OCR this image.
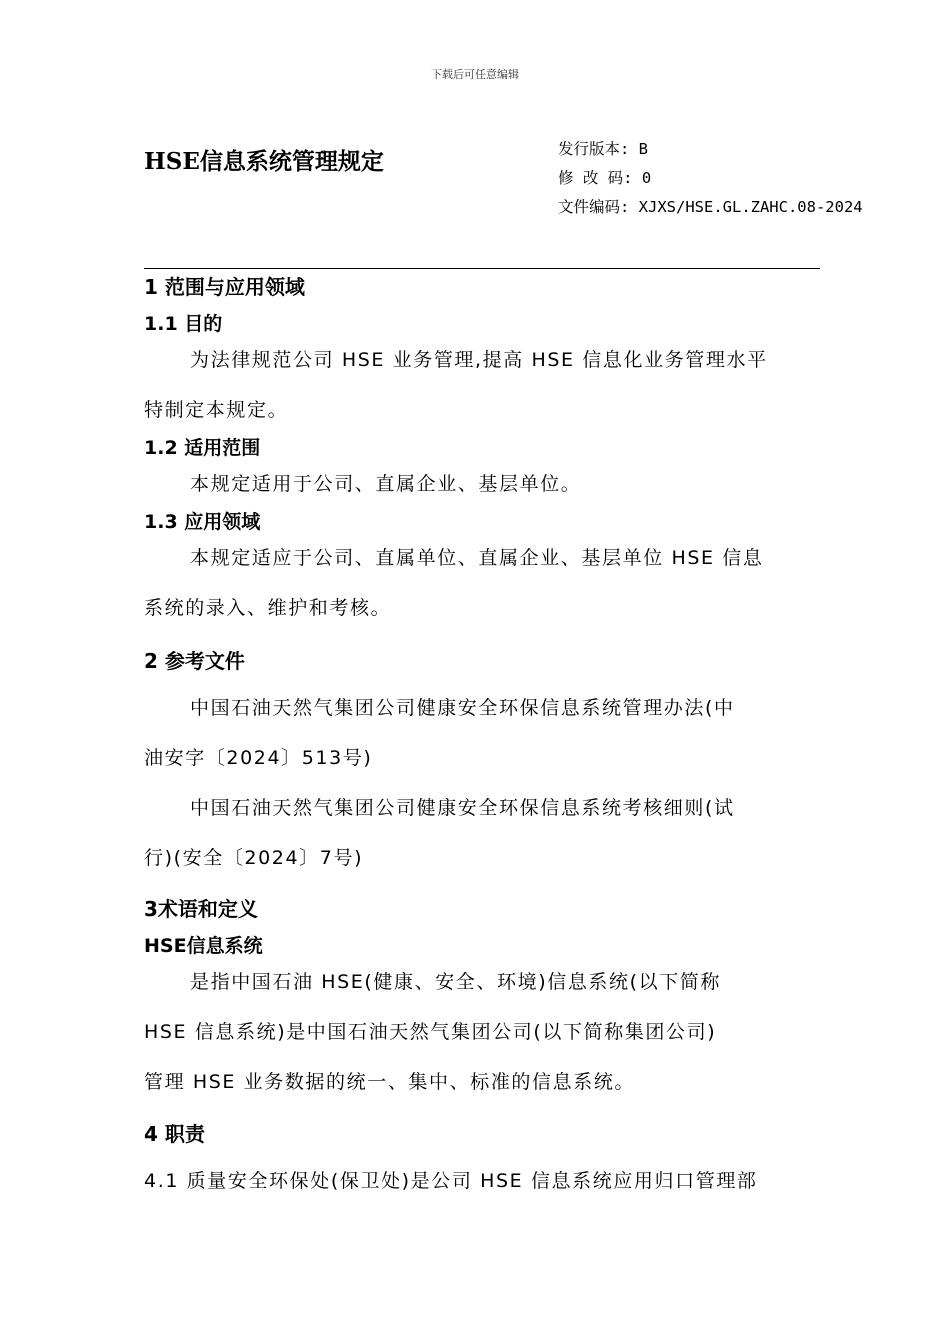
下载后可任意编辑
HSE信息系统管理规定	发行版本: B
修 改 码: 0
文件编码: XJXS/HSE.GL.ZAHC.08-2024
1 范围与应用领域
1.1 目的
为法律规范公司 HSE 业务管理,提高 HSE 信息化业务管理水平
特制定本规定。
1.2 适用范围
本规定适用于公司、直属企业、基层单位。
1.3 应用领域
本规定适应于公司、直属单位、直属企业、基层单位 HSE 信息
系统的录入、维护和考核。
2 参考文件
中国石油天然气集团公司健康安全环保信息系统管理办法(中
油安字〔2024〕513号)
中国石油天然气集团公司健康安全环保信息系统考核细则(试
行)(安全〔2024〕7号)
3术语和定义
HSE信息系统
是指中国石油 HSE(健康、安全、环境)信息系统(以下简称
HSE 信息系统)是中国石油天然气集团公司(以下简称集团公司)
管理 HSE 业务数据的统一、集中、标准的信息系统。
4 职责
4.1 质量安全环保处(保卫处)是公司 HSE 信息系统应用归口管理部
